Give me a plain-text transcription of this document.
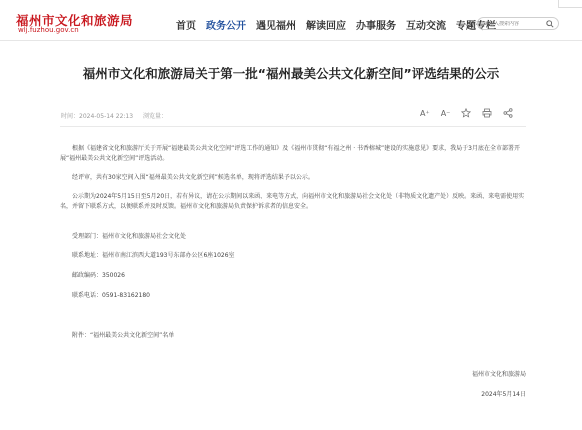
福州市文化和旅游局
wlj.fuzhou.gov.cn	首页 政务公开 遇见福州 解读回应 办事服务 互动交流 专题专栏
请输入搜索内容
福州市文化和旅游局关于第一批“福州最美公共文化新空间”评选结果的公示
时间：2024-05-14 22:13 浏览量：	A⁺ A⁻

根据《福建省文化和旅游厅关于开展“福建最美公共文化空间”评选工作的通知》及《福州市贯彻“有福之州 · 书香榕城”建设的实施意见》要求，我局于3月底在全市部署开展“福州最美公共文化新空间”评选活动。

经评审，共有30家空间入围“福州最美公共文化新空间”候选名单，现将评选结果予以公示。

公示期为2024年5月15日至5月20日，若有异议，请在公示期间以来函、来电等方式，向福州市文化和旅游局社会文化处（非物质文化遗产处）反映。来函、来电需使用实名，并留下联系方式，以便联系并及时反馈。福州市文化和旅游局负责保护诉求者的信息安全。

受理部门：福州市文化和旅游局社会文化处
联系地址：福州市南江滨西大道193号东部办公区6座1026室
邮政编码：350026
联系电话：0591-83162180
附件：“福州最美公共文化新空间”名单
福州市文化和旅游局
2024年5月14日
